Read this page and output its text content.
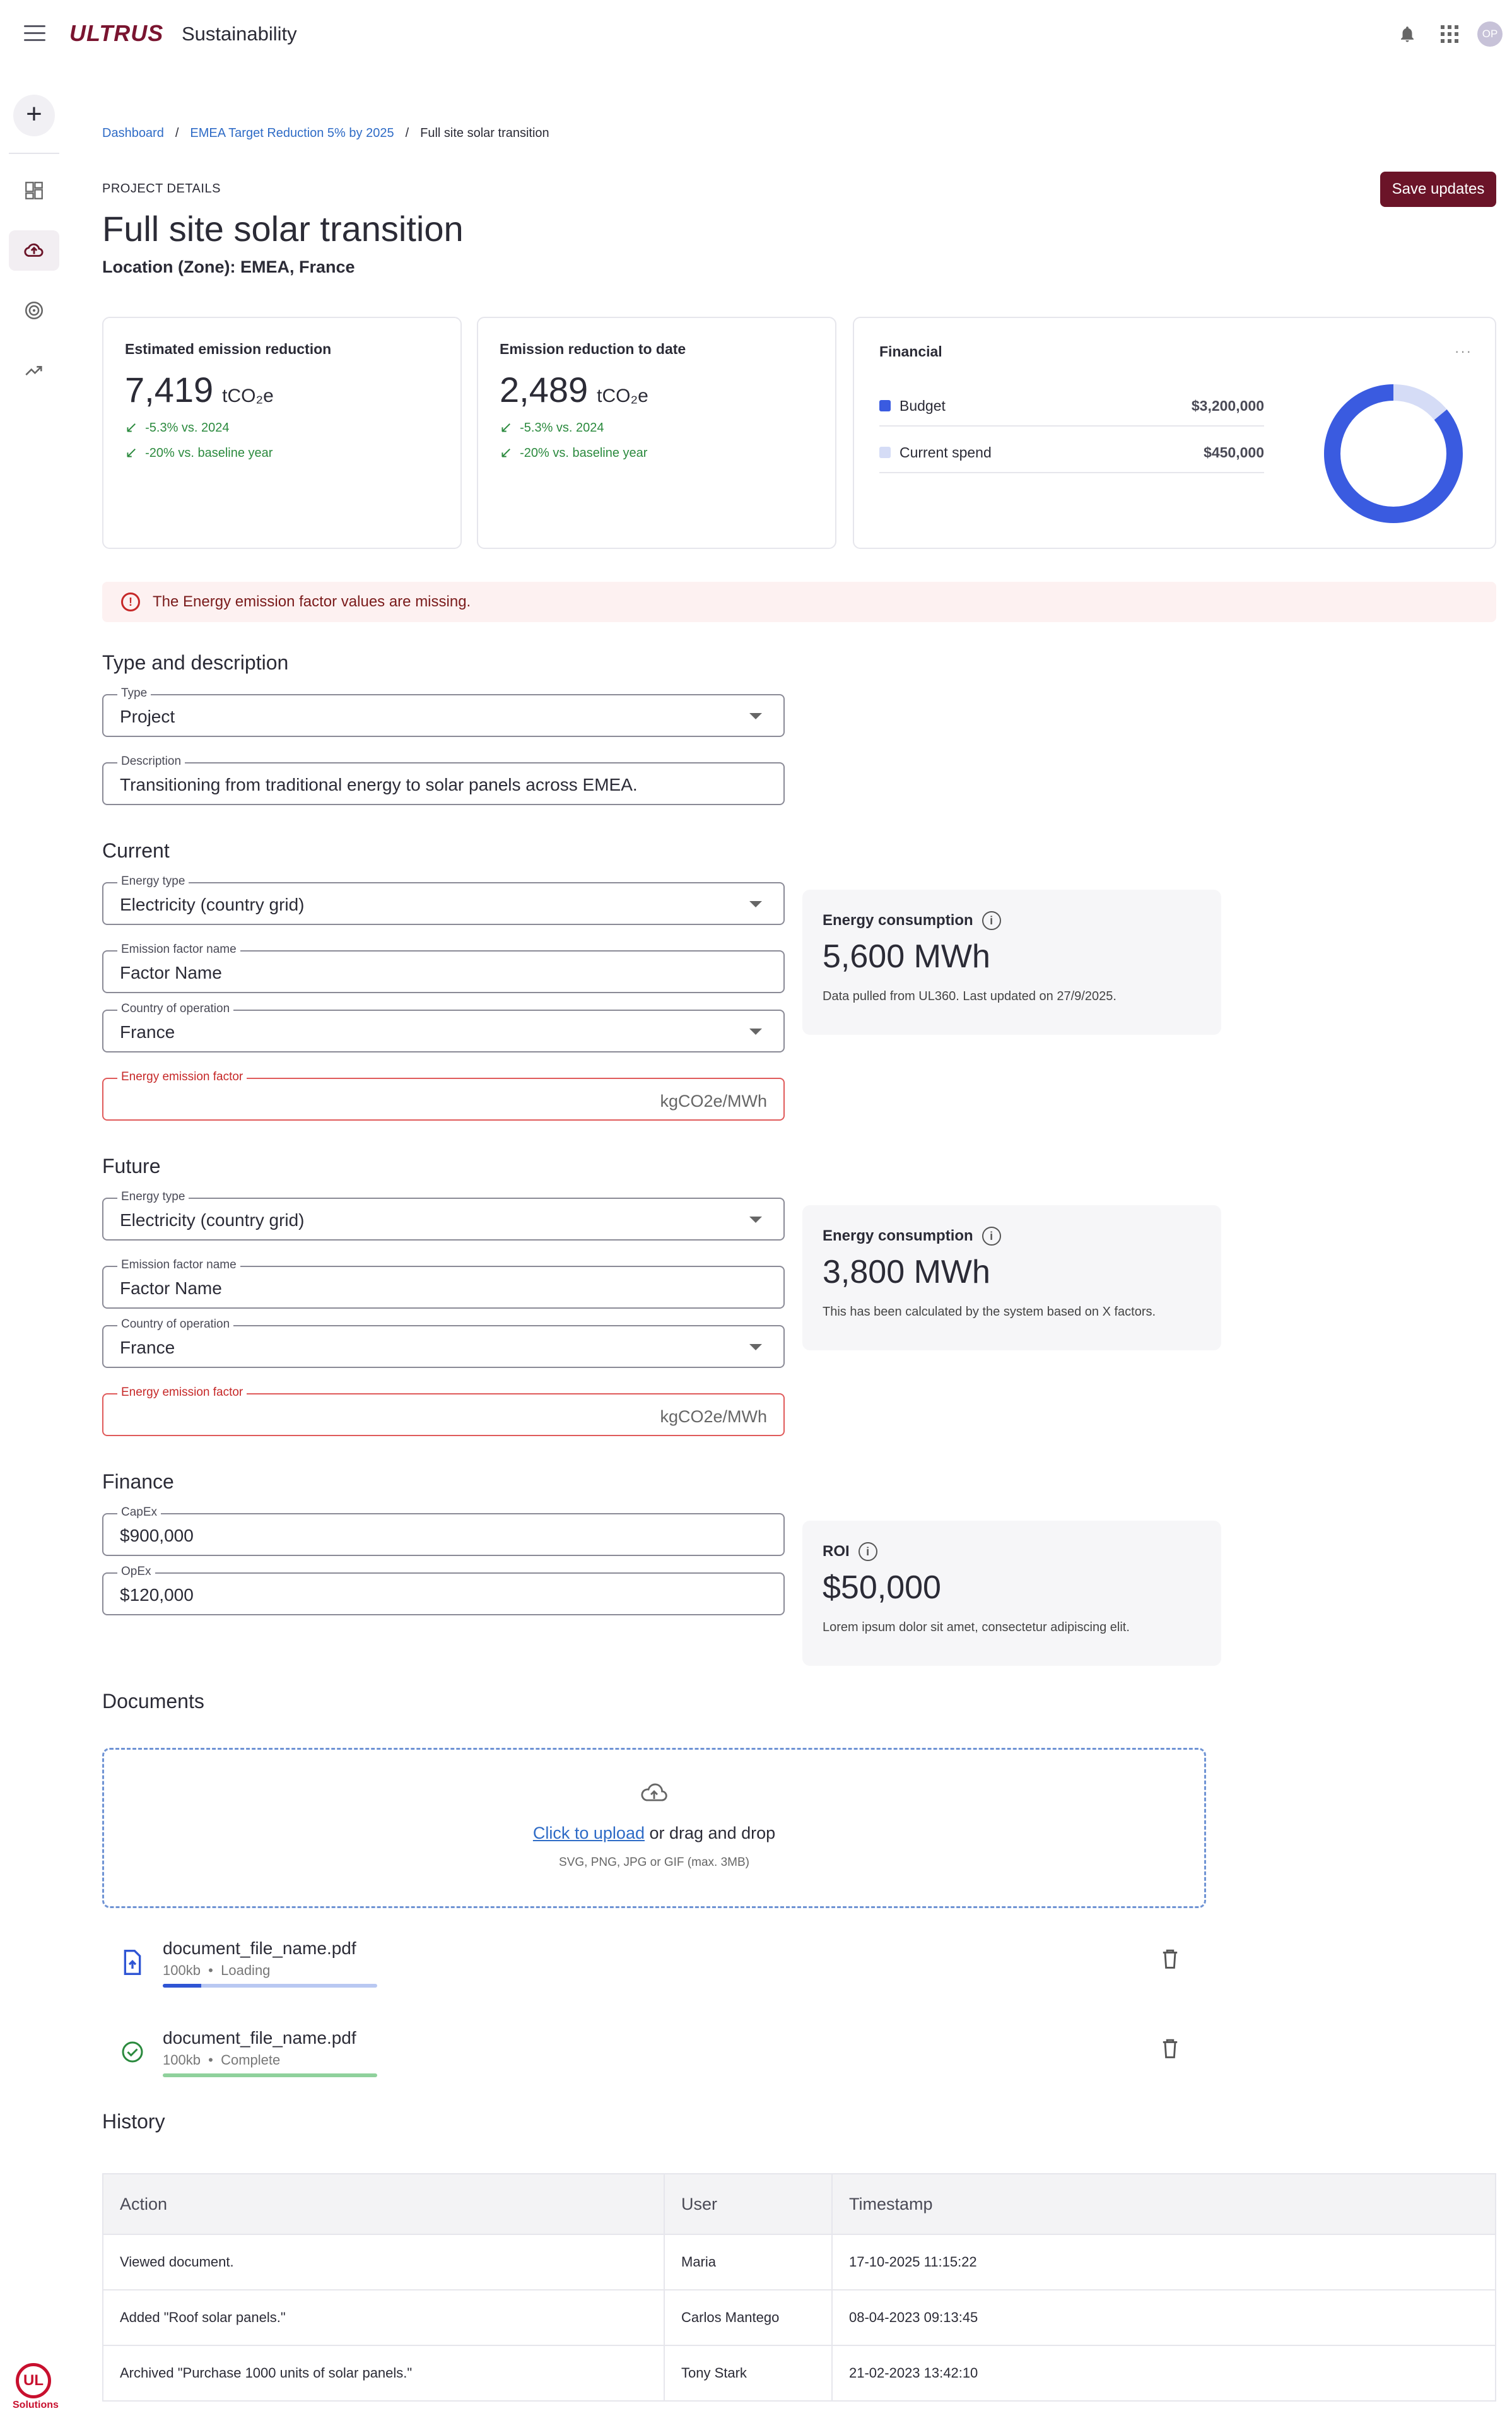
ULTRUS Sustainability	OP
+
UL
Solutions
Dashboard / EMEA Target Reduction 5% by 2025 / Full site solar transition
PROJECT DETAILS
Full site solar transition
Location (Zone): EMEA, France
Save updates
Estimated emission reduction
7,419 tCO₂e
↙ -5.3% vs. 2024
↙ -20% vs. baseline year
Emission reduction to date
2,489 tCO₂e
↙ -5.3% vs. 2024
↙ -20% vs. baseline year
Financial	···
Budget	$3,200,000
Current spend	$450,000
!	The Energy emission factor values are missing.
Type and description
Type
Project
Description
Transitioning from traditional energy to solar panels across EMEA.
Current
Energy type
Electricity (country grid)
Emission factor name
Factor Name
Country of operation
France
Energy emission factor
kgCO2e/MWh
Energy consumption	i
5,600 MWh
Data pulled from UL360. Last updated on 27/9/2025.
Future
Energy type
Electricity (country grid)
Emission factor name
Factor Name
Country of operation
France
Energy emission factor
kgCO2e/MWh
Energy consumption	i
3,800 MWh
This has been calculated by the system based on X factors.
Finance
CapEx
$900,000
OpEx
$120,000
ROI	i
$50,000
Lorem ipsum dolor sit amet, consectetur adipiscing elit.
Documents
Click to upload or drag and drop
SVG, PNG, JPG or GIF (max. 3MB)
document_file_name.pdf
100kb  •  Loading
document_file_name.pdf
100kb  •  Complete
History
Action	User	Timestamp
Viewed document.	Maria	17-10-2025 11:15:22
Added "Roof solar panels."	Carlos Mantego	08-04-2023 09:13:45
Archived "Purchase 1000 units of solar panels."	Tony Stark	21-02-2023 13:42:10
